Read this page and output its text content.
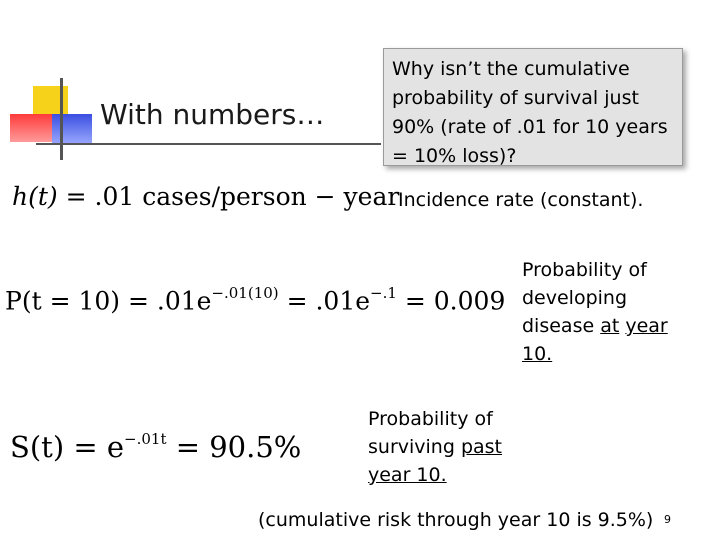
With numbers…
Why isn’t the cumulative probability of survival just 90% (rate of .01 for 10 years = 10% loss)?
h(t) = .01 cases/person − year
$P(t = 10) = .01e^{-.01(10)} = .01e^{-.1} = 0.009$
$S(t) = e^{-.01t} = 90.5\%$
Incidence rate (constant).
Probability of developing disease at year 10.
Probability of surviving past year 10.
(cumulative risk through year 10 is 9.5%) 9
